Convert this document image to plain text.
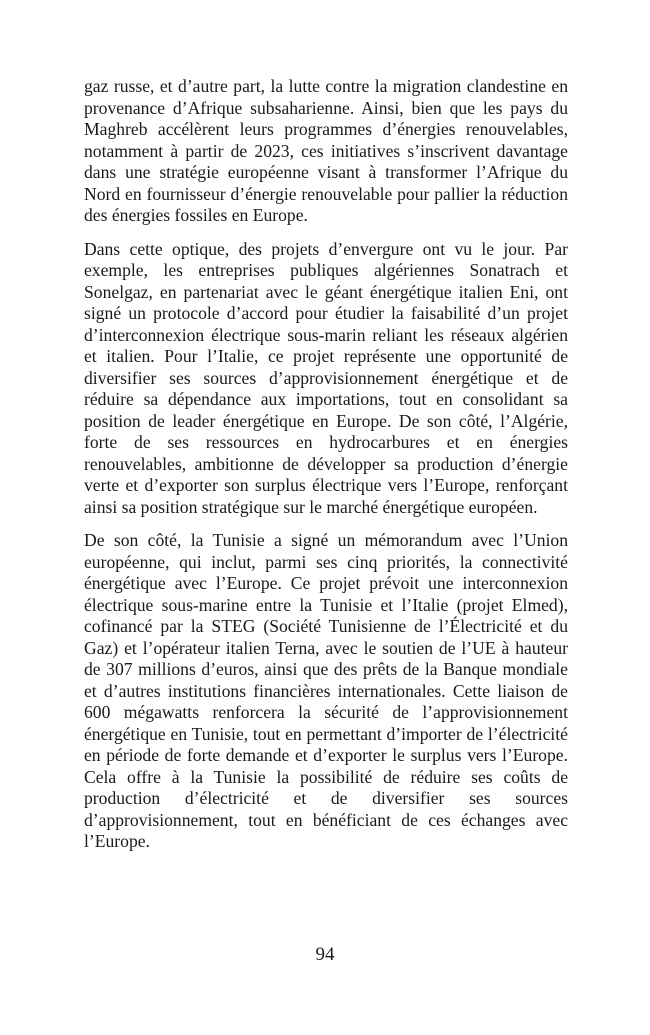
gaz russe, et d’autre part, la lutte contre la migration clandestine en provenance d’Afrique subsaharienne. Ainsi, bien que les pays du Maghreb accélèrent leurs programmes d’énergies renouvelables, notamment à partir de 2023, ces initiatives s’inscrivent davantage dans une stratégie européenne visant à transformer l’Afrique du Nord en fournisseur d’énergie renouvelable pour pallier la réduction des énergies fossiles en Europe.

Dans cette optique, des projets d’envergure ont vu le jour. Par exemple, les entreprises publiques algériennes Sonatrach et Sonelgaz, en partenariat avec le géant énergétique italien Eni, ont signé un protocole d’accord pour étudier la faisabilité d’un projet d’interconnexion électrique sous-marin reliant les réseaux algérien et italien. Pour l’Italie, ce projet représente une opportunité de diversifier ses sources d’approvisionnement énergétique et de réduire sa dépendance aux importations, tout en consolidant sa position de leader énergétique en Europe. De son côté, l’Algérie, forte de ses ressources en hydrocarbures et en énergies renouvelables, ambitionne de développer sa production d’énergie verte et d’exporter son surplus électrique vers l’Europe, renforçant ainsi sa position stratégique sur le marché énergétique européen.

De son côté, la Tunisie a signé un mémorandum avec l’Union européenne, qui inclut, parmi ses cinq priorités, la connectivité énergétique avec l’Europe. Ce projet prévoit une interconnexion électrique sous-marine entre la Tunisie et l’Italie (projet Elmed), cofinancé par la STEG (Société Tunisienne de l’Électricité et du Gaz) et l’opérateur italien Terna, avec le soutien de l’UE à hauteur de 307 millions d’euros, ainsi que des prêts de la Banque mondiale et d’autres institutions financières internationales. Cette liaison de 600 mégawatts renforcera la sécurité de l’approvisionnement énergétique en Tunisie, tout en permettant d’importer de l’électricité en période de forte demande et d’exporter le surplus vers l’Europe. Cela offre à la Tunisie la possibilité de réduire ses coûts de production d’électricité et de diversifier ses sources d’approvisionnement, tout en bénéficiant de ces échanges avec l’Europe.

94
